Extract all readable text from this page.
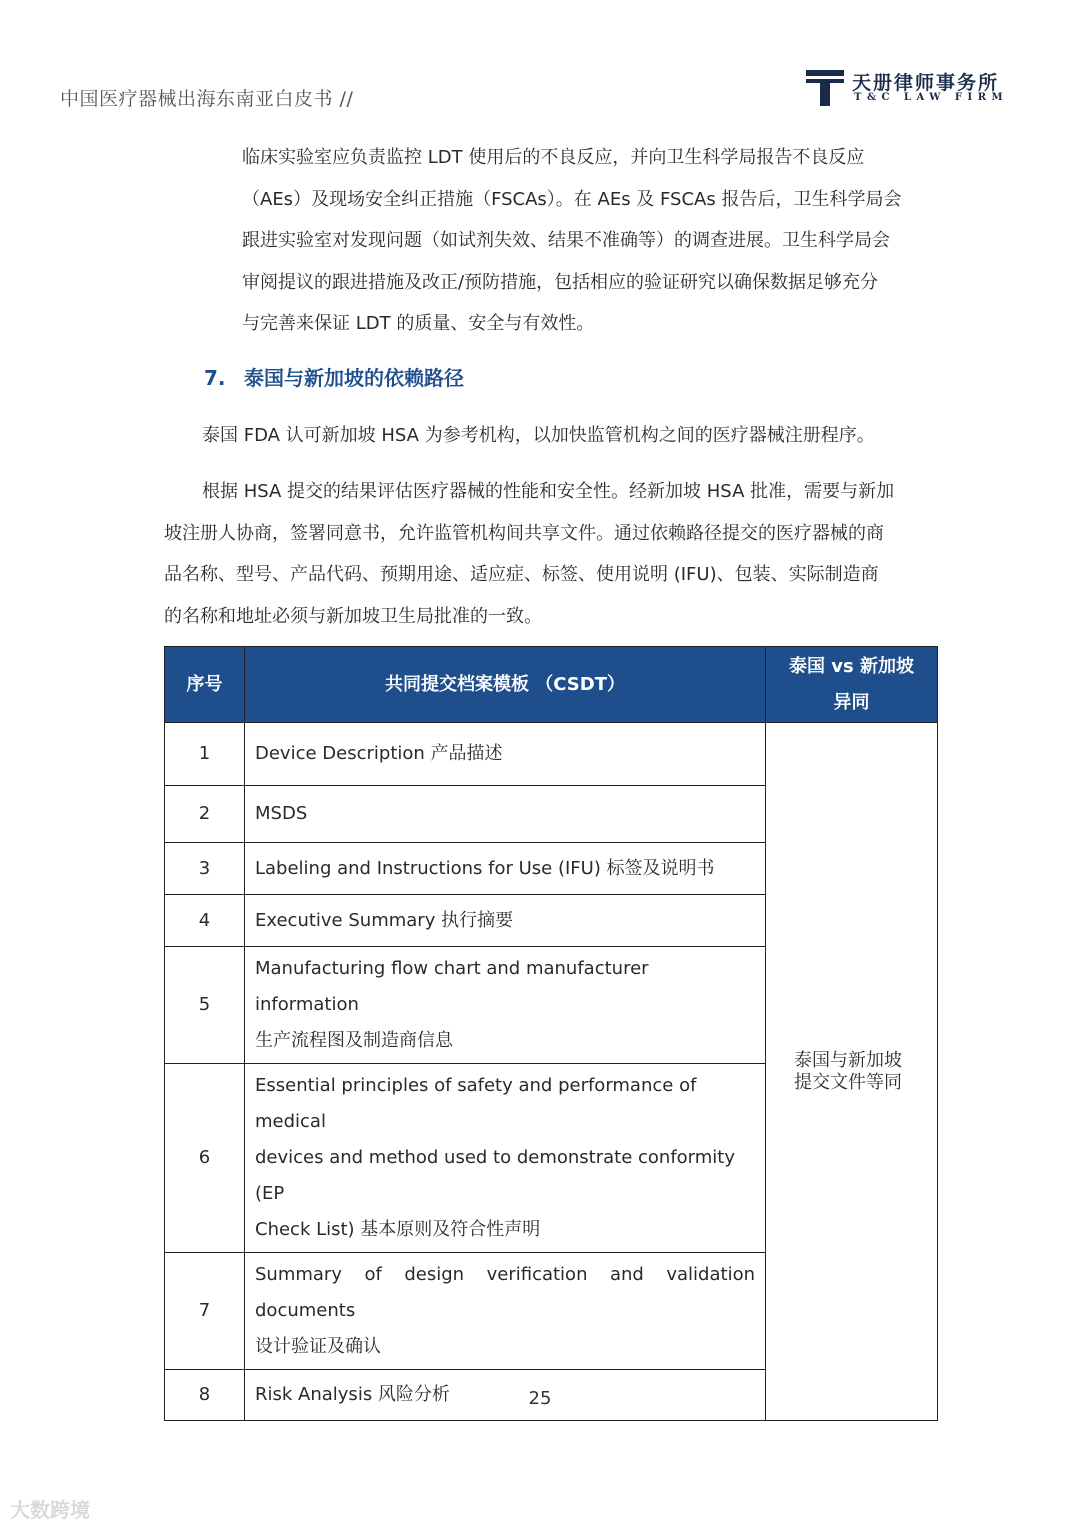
中国医疗器械出海东南亚白皮书 //
天册律师事务所
T&C LAW FIRM

临床实验室应负责监控 LDT 使用后的不良反应，并向卫生科学局报告不良反应

（AEs）及现场安全纠正措施（FSCAs）。在 AEs 及 FSCAs 报告后，卫生科学局会

跟进实验室对发现问题（如试剂失效、结果不准确等）的调查进展。卫生科学局会

审阅提议的跟进措施及改正/预防措施，包括相应的验证研究以确保数据足够充分

与完善来保证 LDT 的质量、安全与有效性。

7. 泰国与新加坡的依赖路径

泰国 FDA 认可新加坡 HSA 为参考机构，以加快监管机构之间的医疗器械注册程序。

根据 HSA 提交的结果评估医疗器械的性能和安全性。经新加坡 HSA 批准，需要与新加

坡注册人协商，签署同意书，允许监管机构间共享文件。通过依赖路径提交的医疗器械的商

品名称、型号、产品代码、预期用途、适应症、标签、使用说明 (IFU)、包装、实际制造商

的名称和地址必须与新加坡卫生局批准的一致。

序号	共同提交档案模板 （CSDT）	泰国 vs 新加坡
异同

1	Device Description 产品描述	泰国与新加坡
提交文件等同

2	MSDS	

3	Labeling and Instructions for Use (IFU) 标签及说明书	

4	Executive Summary 执行摘要	

5	Manufacturing flow chart and manufacturer information
生产流程图及制造商信息	

6	Essential principles of safety and performance of medical
devices and method used to demonstrate conformity (EP
Check List) 基本原则及符合性声明	

7	Summary of design verification and validation
documents
设计验证及确认	

8	Risk Analysis 风险分析		25
大数跨境
